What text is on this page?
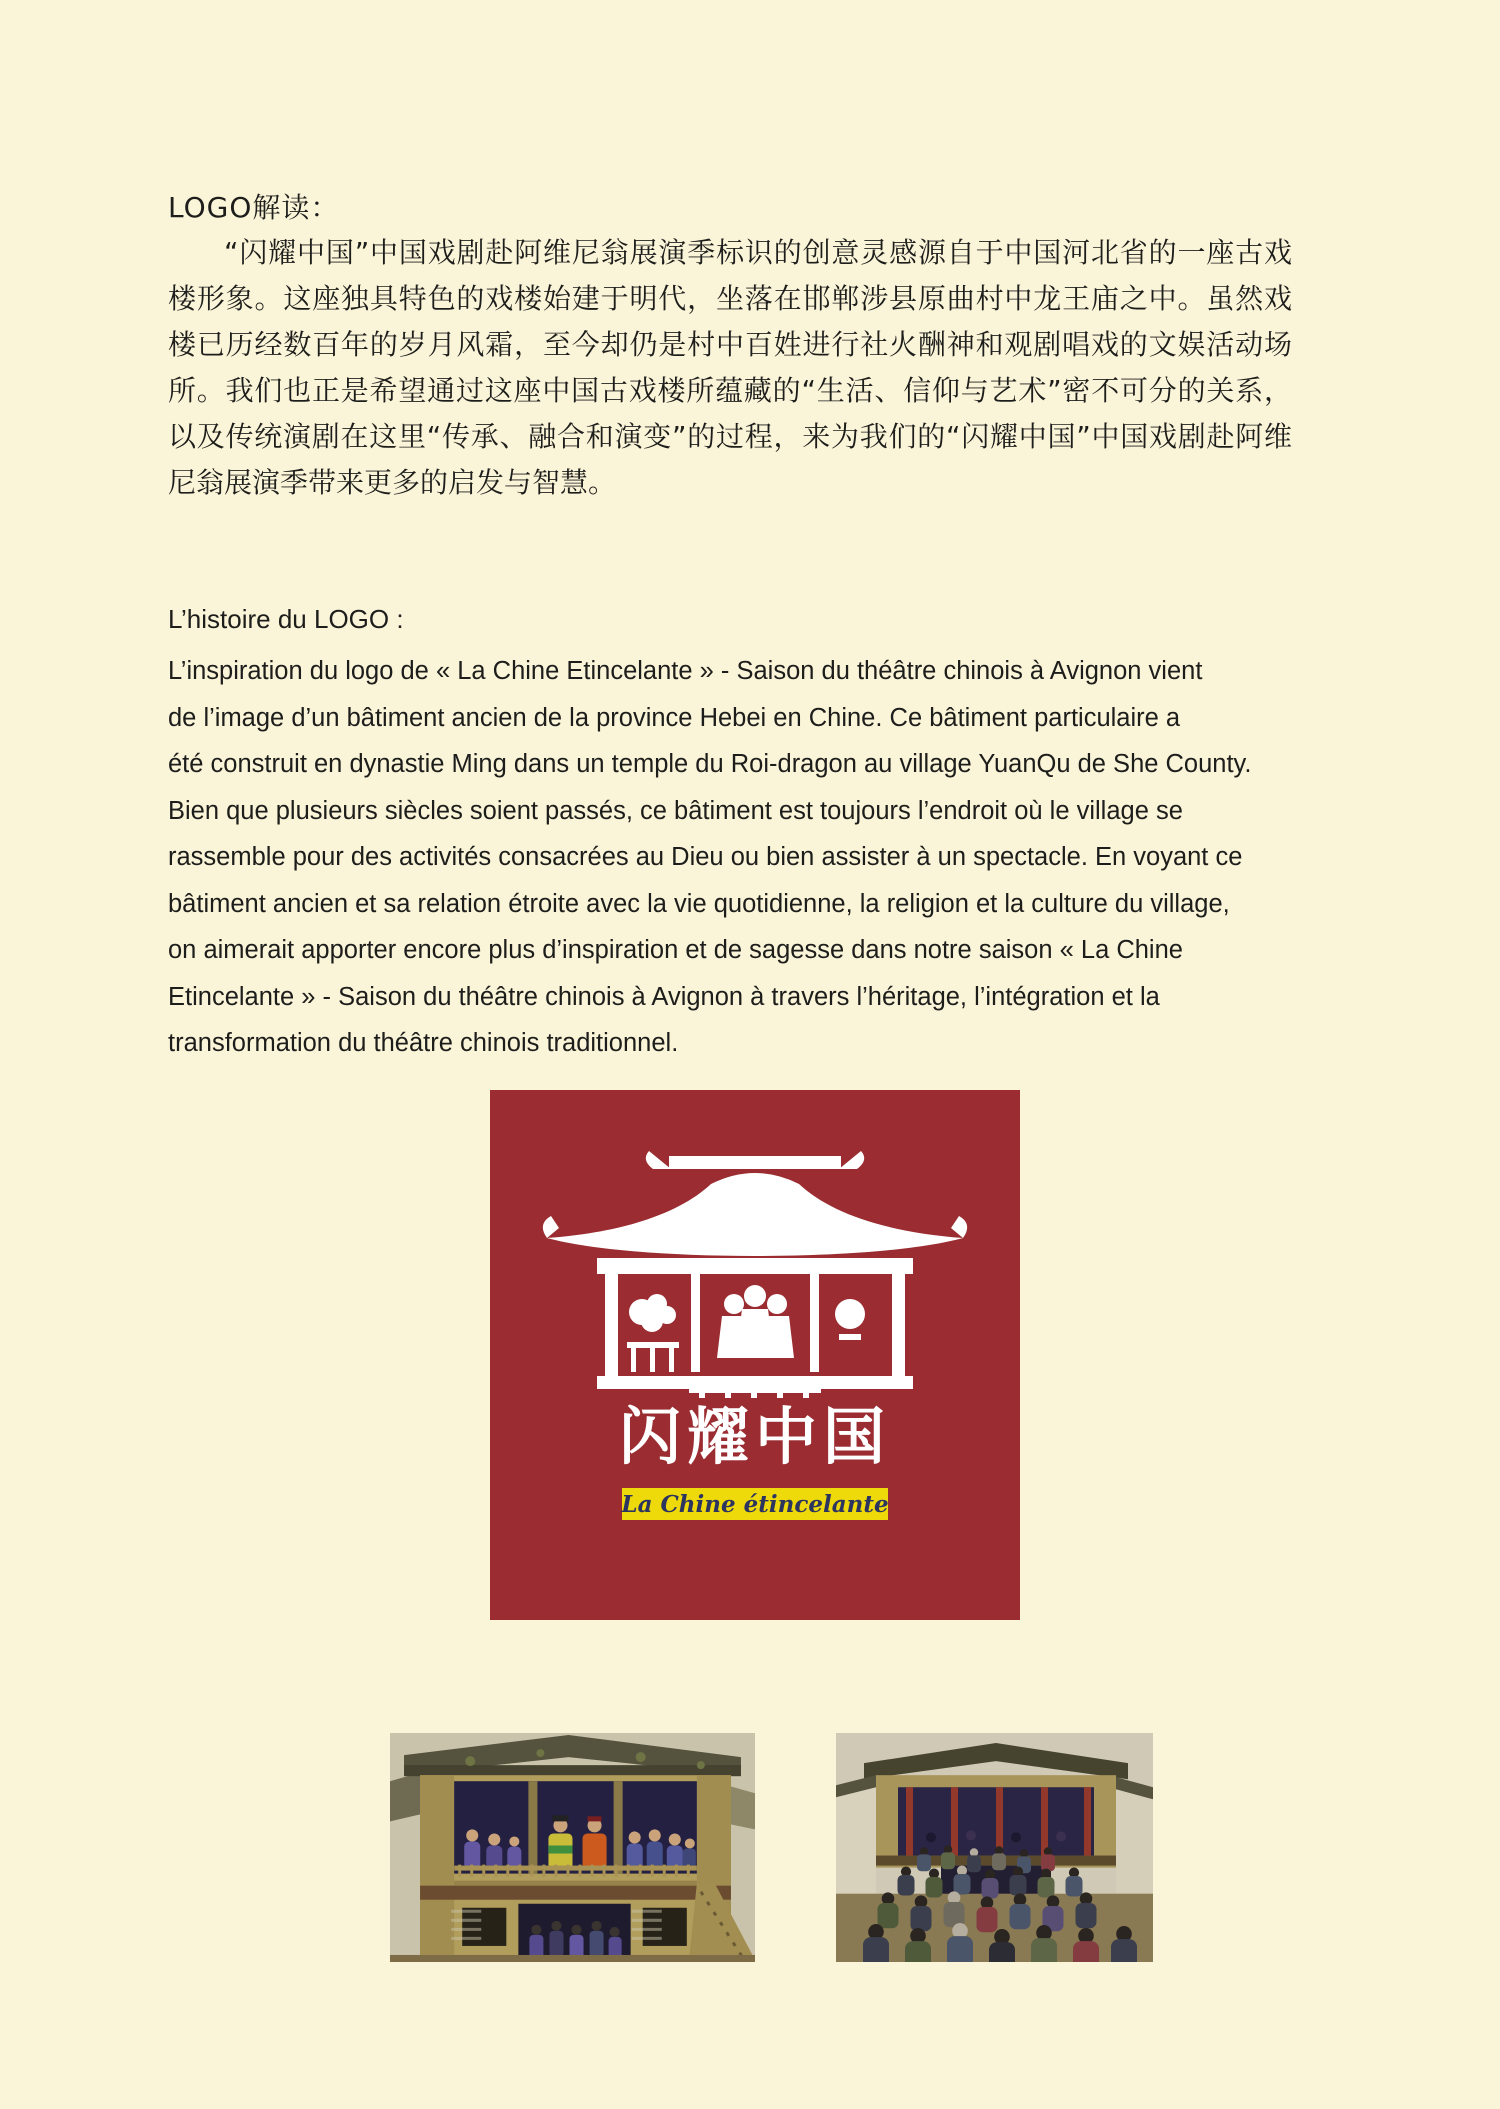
LOGO解读：
“闪耀中国”中国戏剧赴阿维尼翁展演季标识的创意灵感源自于中国河北省的一座古戏
楼形象。这座独具特色的戏楼始建于明代，坐落在邯郸涉县原曲村中龙王庙之中。虽然戏
楼已历经数百年的岁月风霜，至今却仍是村中百姓进行社火酬神和观剧唱戏的文娱活动场
所。我们也正是希望通过这座中国古戏楼所蕴藏的“生活、信仰与艺术”密不可分的关系，
以及传统演剧在这里“传承、融合和演变”的过程，来为我们的“闪耀中国”中国戏剧赴阿维
尼翁展演季带来更多的启发与智慧。
L’histoire du LOGO :
L’inspiration du logo de « La Chine Etincelante » - Saison du théâtre chinois à Avignon vient
de l’image d’un bâtiment ancien de la province Hebei en Chine. Ce bâtiment particulaire a
été construit en dynastie Ming dans un temple du Roi-dragon au village YuanQu de She County.
Bien que plusieurs siècles soient passés, ce bâtiment est toujours l’endroit où le village se
rassemble pour des activités consacrées au Dieu ou bien assister à un spectacle. En voyant ce
bâtiment ancien et sa relation étroite avec la vie quotidienne, la religion et la culture du village,
on aimerait apporter encore plus d’inspiration et de sagesse dans notre saison « La Chine
Etincelante » - Saison du théâtre chinois à Avignon à travers l’héritage, l’intégration et la
transformation du théâtre chinois traditionnel.
闪耀中国
La Chine étincelante
